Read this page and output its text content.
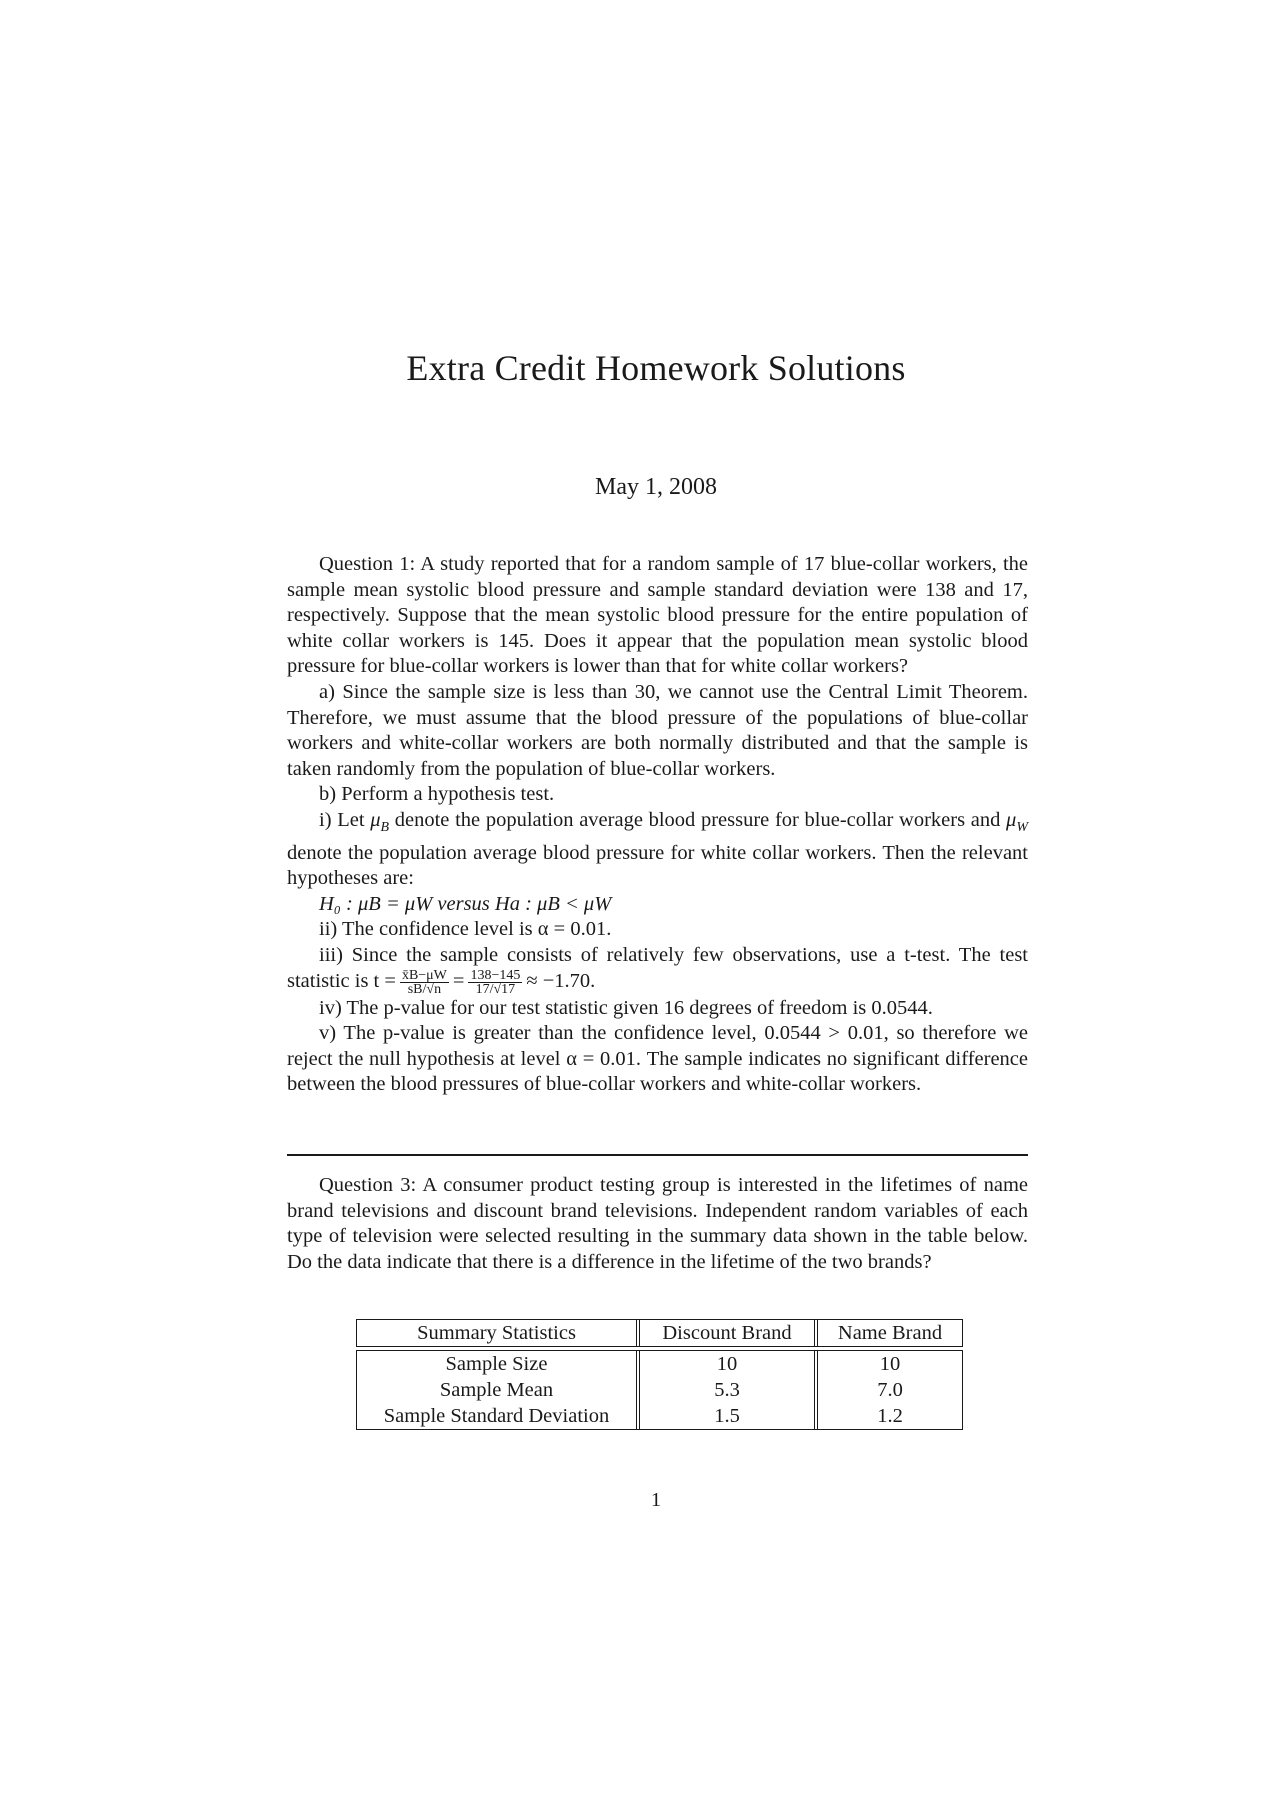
Extra Credit Homework Solutions
May 1, 2008

Question 1: A study reported that for a random sample of 17 blue-collar workers, the sample mean systolic blood pressure and sample standard deviation were 138 and 17, respectively. Suppose that the mean systolic blood pressure for the entire population of white collar workers is 145. Does it appear that the population mean systolic blood pressure for blue-collar workers is lower than that for white collar workers?

a) Since the sample size is less than 30, we cannot use the Central Limit Theorem. Therefore, we must assume that the blood pressure of the populations of blue-collar workers and white-collar workers are both normally distributed and that the sample is taken randomly from the population of blue-collar workers.

b) Perform a hypothesis test.

i) Let $\mu_B$ denote the population average blood pressure for blue-collar workers and $\mu_W$ denote the population average blood pressure for white collar workers. Then the relevant hypotheses are:

H₀ : μB = μW versus Ha : μB < μW

ii) The confidence level is α = 0.01.

iii) Since the sample consists of relatively few observations, use a t-test. The test statistic is $t = \frac{x̄B-\mu W}{sB/√n} = \frac{138-145}{17/√17} \approx -1.70$.

iv) The p-value for our test statistic given 16 degrees of freedom is 0.0544.

v) The p-value is greater than the confidence level, 0.0544 > 0.01, so therefore we reject the null hypothesis at level α = 0.01. The sample indicates no significant difference between the blood pressures of blue-collar workers and white-collar workers.

Question 3: A consumer product testing group is interested in the lifetimes of name brand televisions and discount brand televisions. Independent random variables of each type of television were selected resulting in the summary data shown in the table below. Do the data indicate that there is a difference in the lifetime of the two brands?

Summary Statistics		Discount Brand		Name Brand

Sample Size		10		10
Sample Mean		5.3		7.0
Sample Standard Deviation		1.5		1.2
1
